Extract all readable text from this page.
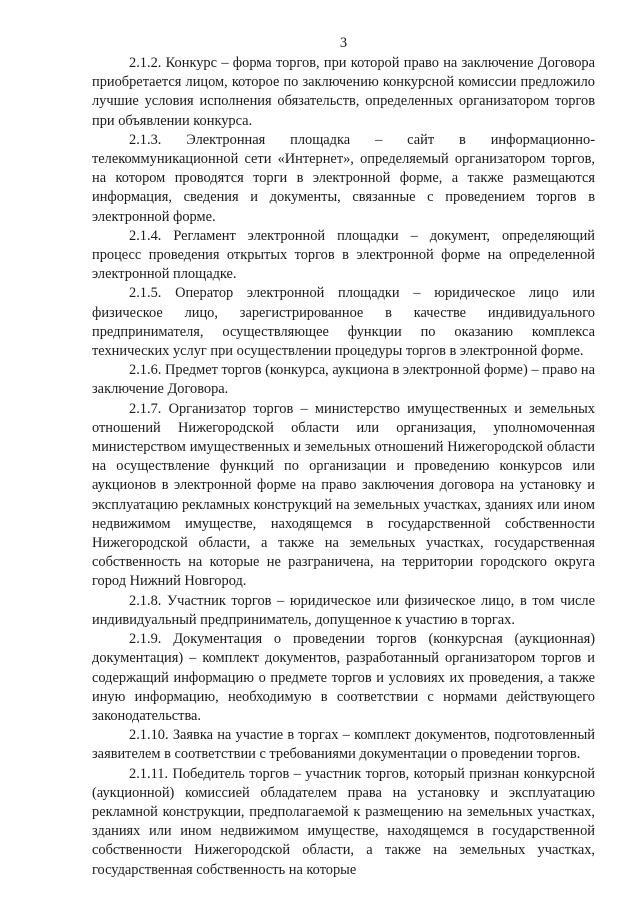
3

2.1.2. Конкурс – форма торгов, при которой право на заключение Договора приобретается лицом, которое по заключению конкурсной комиссии предложило лучшие условия исполнения обязательств, определенных организатором торгов при объявлении конкурса.

2.1.3. Электронная площадка – сайт в информационно-телекоммуникационной сети «Интернет», определяемый организатором торгов, на котором проводятся торги в электронной форме, а также размещаются информация, сведения и документы, связанные с проведением торгов в электронной форме.

2.1.4. Регламент электронной площадки – документ, определяющий процесс проведения открытых торгов в электронной форме на определенной электронной площадке.

2.1.5. Оператор электронной площадки – юридическое лицо или физическое лицо, зарегистрированное в качестве индивидуального предпринимателя, осуществляющее функции по оказанию комплекса технических услуг при осуществлении процедуры торгов в электронной форме.

2.1.6. Предмет торгов (конкурса, аукциона в электронной форме) – право на заключение Договора.

2.1.7. Организатор торгов – министерство имущественных и земельных отношений Нижегородской области или организация, уполномоченная министерством имущественных и земельных отношений Нижегородской области на осуществление функций по организации и проведению конкурсов или аукционов в электронной форме на право заключения договора на установку и эксплуатацию рекламных конструкций на земельных участках, зданиях или ином недвижимом имуществе, находящемся в государственной собственности Нижегородской области, а также на земельных участках, государственная собственность на которые не разграничена, на территории городского округа город Нижний Новгород.

2.1.8. Участник торгов – юридическое или физическое лицо, в том числе индивидуальный предприниматель, допущенное к участию в торгах.

2.1.9. Документация о проведении торгов (конкурсная (аукционная) документация) – комплект документов, разработанный организатором торгов и содержащий информацию о предмете торгов и условиях их проведения, а также иную информацию, необходимую в соответствии с нормами действующего законодательства.

2.1.10. Заявка на участие в торгах – комплект документов, подготовленный заявителем в соответствии с требованиями документации о проведении торгов.

2.1.11. Победитель торгов – участник торгов, который признан конкурсной (аукционной) комиссией обладателем права на установку и эксплуатацию рекламной конструкции, предполагаемой к размещению на земельных участках, зданиях или ином недвижимом имуществе, находящемся в государственной собственности Нижегородской области, а также на земельных участках, государственная собственность на которые
